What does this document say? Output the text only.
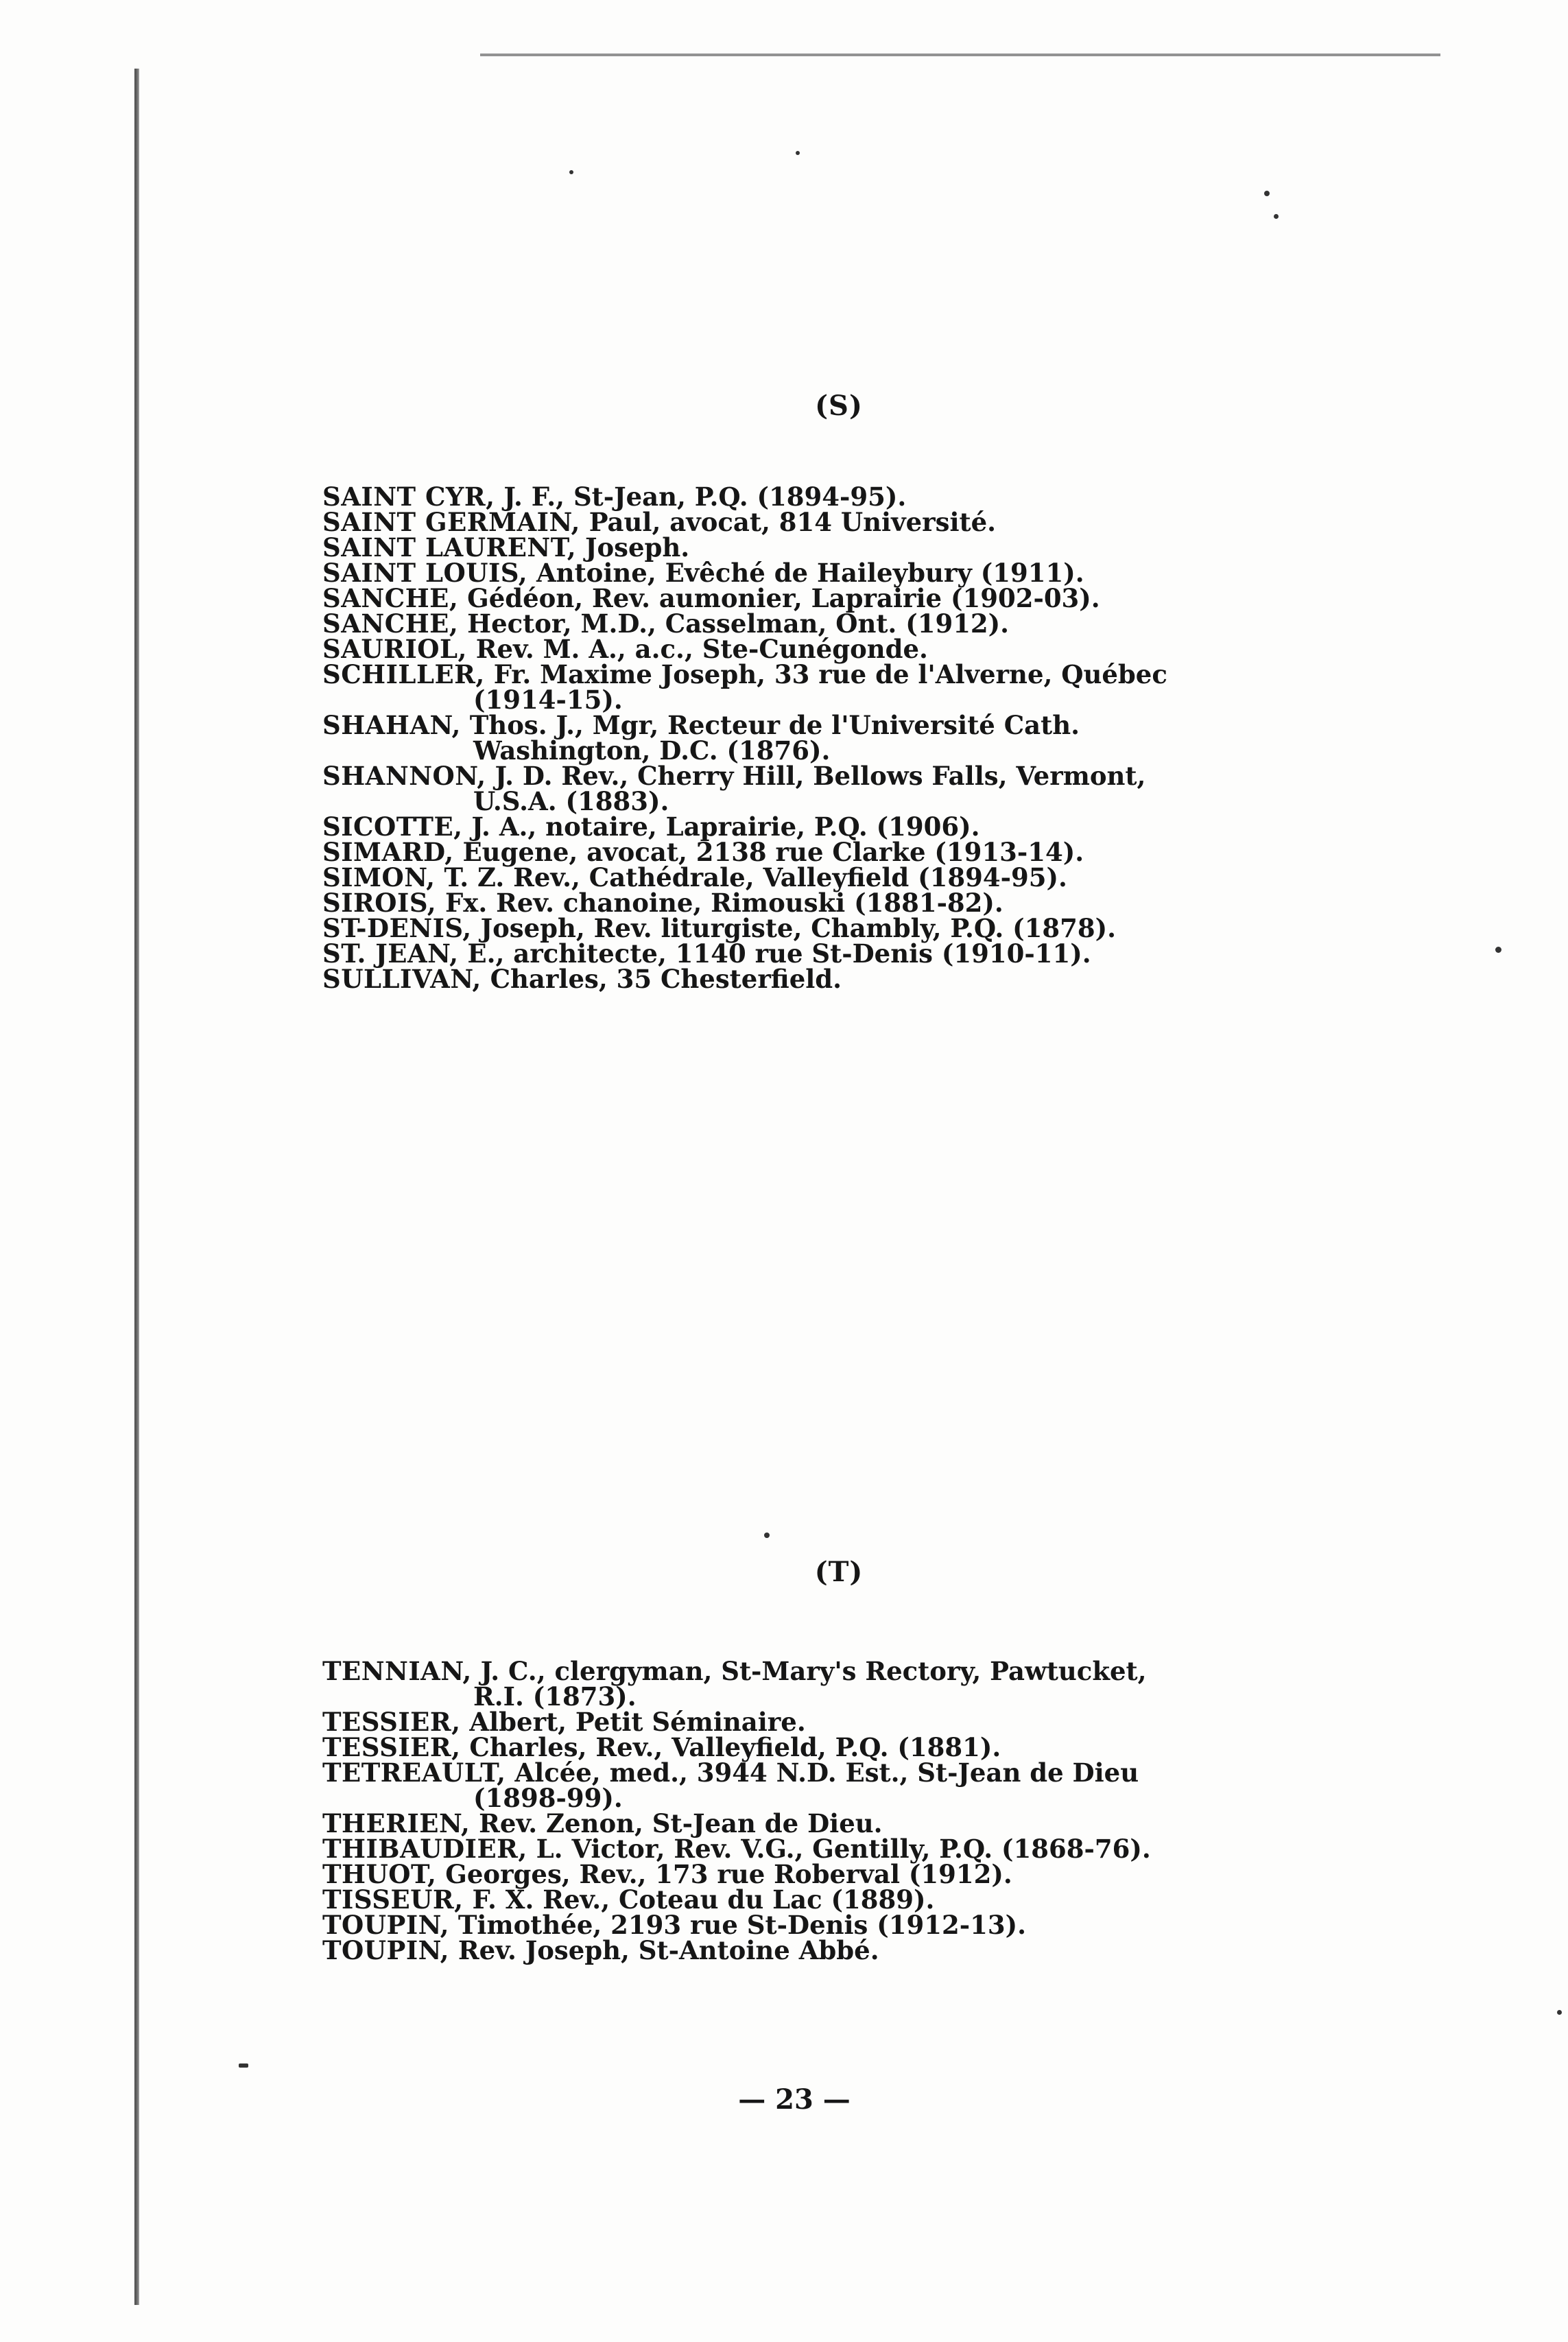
(S)
SAINT CYR, J. F., St-Jean, P.Q. (1894-95).
SAINT GERMAIN, Paul, avocat, 814 Université.
SAINT LAURENT, Joseph.
SAINT LOUIS, Antoine, Evêché de Haileybury (1911).
SANCHE, Gédéon, Rev. aumonier, Laprairie (1902-03).
SANCHE, Hector, M.D., Casselman, Ont. (1912).
SAURIOL, Rev. M. A., a.c., Ste-Cunégonde.
SCHILLER, Fr. Maxime Joseph, 33 rue de l'Alverne, Québec
(1914-15).
SHAHAN, Thos. J., Mgr, Recteur de l'Université Cath.
Washington, D.C. (1876).
SHANNON, J. D. Rev., Cherry Hill, Bellows Falls, Vermont,
U.S.A. (1883).
SICOTTE, J. A., notaire, Laprairie, P.Q. (1906).
SIMARD, Eugene, avocat, 2138 rue Clarke (1913-14).
SIMON, T. Z. Rev., Cathédrale, Valleyfield (1894-95).
SIROIS, Fx. Rev. chanoine, Rimouski (1881-82).
ST-DENIS, Joseph, Rev. liturgiste, Chambly, P.Q. (1878).
ST. JEAN, E., architecte, 1140 rue St-Denis (1910-11).
SULLIVAN, Charles, 35 Chesterfield.
(T)
TENNIAN, J. C., clergyman, St-Mary's Rectory, Pawtucket,
R.I. (1873).
TESSIER, Albert, Petit Séminaire.
TESSIER, Charles, Rev., Valleyfield, P.Q. (1881).
TETREAULT, Alcée, med., 3944 N.D. Est., St-Jean de Dieu
(1898-99).
THERIEN, Rev. Zenon, St-Jean de Dieu.
THIBAUDIER, L. Victor, Rev. V.G., Gentilly, P.Q. (1868-76).
THUOT, Georges, Rev., 173 rue Roberval (1912).
TISSEUR, F. X. Rev., Coteau du Lac (1889).
TOUPIN, Timothée, 2193 rue St-Denis (1912-13).
TOUPIN, Rev. Joseph, St-Antoine Abbé.
— 23 —
